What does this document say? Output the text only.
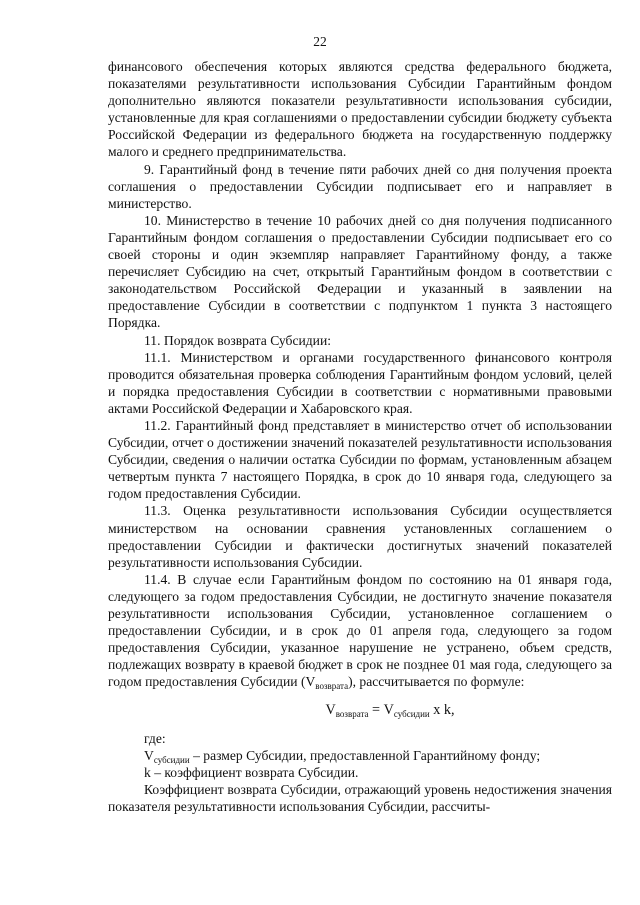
22

финансового обеспечения которых являются средства федерального бюджета, показателями результативности использования Субсидии Гарантийным фондом дополнительно являются показатели результативности использования субсидии, установленные для края соглашениями о предоставлении субсидии бюджету субъекта Российской Федерации из федерального бюджета на государственную поддержку малого и среднего предпринимательства.

9. Гарантийный фонд в течение пяти рабочих дней со дня получения проекта соглашения о предоставлении Субсидии подписывает его и направляет в министерство.

10. Министерство в течение 10 рабочих дней со дня получения подписанного Гарантийным фондом соглашения о предоставлении Субсидии подписывает его со своей стороны и один экземпляр направляет Гарантийному фонду, а также перечисляет Субсидию на счет, открытый Гарантийным фондом в соответствии с законодательством Российской Федерации и указанный в заявлении на предоставление Субсидии в соответствии с подпунктом 1 пункта 3 настоящего Порядка.

11. Порядок возврата Субсидии:

11.1. Министерством и органами государственного финансового контроля проводится обязательная проверка соблюдения Гарантийным фондом условий, целей и порядка предоставления Субсидии в соответствии с нормативными правовыми актами Российской Федерации и Хабаровского края.

11.2. Гарантийный фонд представляет в министерство отчет об использовании Субсидии, отчет о достижении значений показателей результативности использования Субсидии, сведения о наличии остатка Субсидии по формам, установленным абзацем четвертым пункта 7 настоящего Порядка, в срок до 10 января года, следующего за годом предоставления Субсидии.

11.3. Оценка результативности использования Субсидии осуществляется министерством на основании сравнения установленных соглашением о предоставлении Субсидии и фактически достигнутых значений показателей результативности использования Субсидии.

11.4. В случае если Гарантийным фондом по состоянию на 01 января года, следующего за годом предоставления Субсидии, не достигнуто значение показателя результативности использования Субсидии, установленное соглашением о предоставлении Субсидии, и в срок до 01 апреля года, следующего за годом предоставления Субсидии, указанное нарушение не устранено, объем средств, подлежащих возврату в краевой бюджет в срок не позднее 01 мая года, следующего за годом предоставления Субсидии $(V_{возврата})$, рассчитывается по формуле:

$V_{возврата} = V_{субсидии}$ x k,

где:

$V_{субсидии}$ – размер Субсидии, предоставленной Гарантийному фонду;

k – коэффициент возврата Субсидии.

Коэффициент возврата Субсидии, отражающий уровень недостижения значения показателя результативности использования Субсидии, рассчиты-
